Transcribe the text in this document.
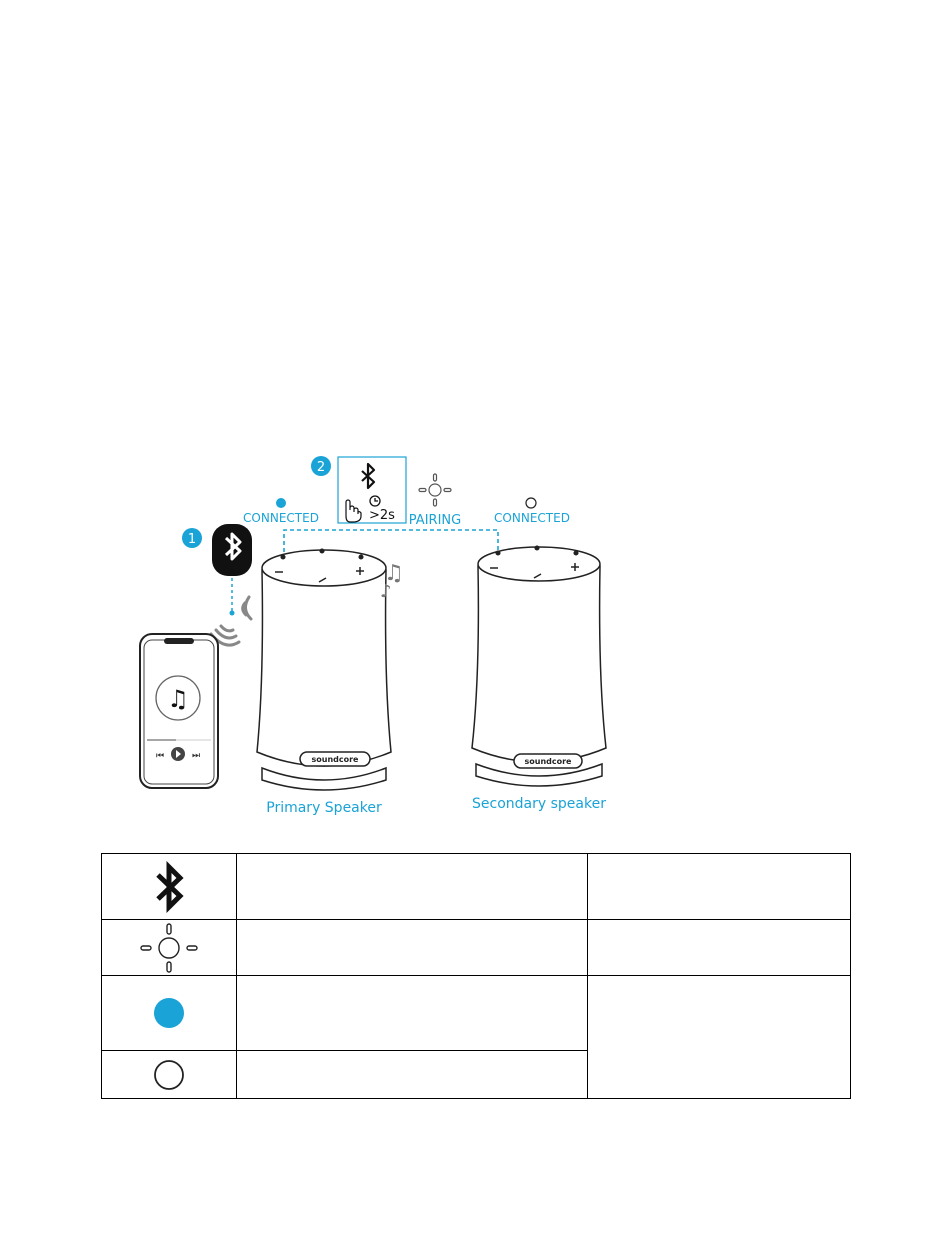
1
♫
⏮	⏭
2
>2s
CONNECTED	PAIRING	CONNECTED
soundcore
♫
♪
soundcore
Primary Speaker	Secondary speaker
